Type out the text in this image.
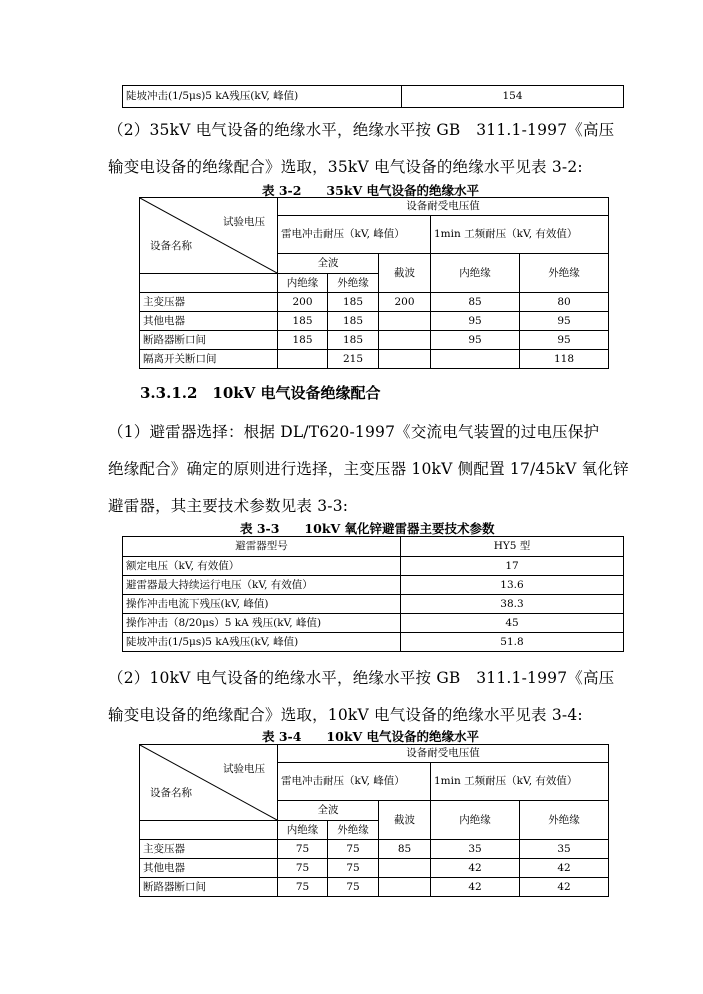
陡坡冲击(1/5μs)5 kA残压(kV, 峰值)	154
（2）35kV 电气设备的绝缘水平，绝缘水平按 GB　311.1-1997《高压
输变电设备的绝缘配合》选取，35kV 电气设备的绝缘水平见表 3-2:
表 3-2　　35kV 电气设备的绝缘水平
试验电压
设备名称	设备耐受电压值				
	雷电冲击耐压（kV, 峰值）			1min 工频耐压（kV, 有效值）	
	全波		截波	内绝缘	外绝缘
	内绝缘	外绝缘			
主变压器	200	185	200	85	80
其他电器	185	185		95	95
断路器断口间	185	185		95	95
隔离开关断口间		215			118
3.3.1.2　10kV 电气设备绝缘配合
（1）避雷器选择：根据 DL/T620-1997《交流电气装置的过电压保护
绝缘配合》确定的原则进行选择，主变压器 10kV 侧配置 17/45kV 氧化锌
避雷器，其主要技术参数见表 3-3:
表 3-3　　10kV 氧化锌避雷器主要技术参数
避雷器型号	HY5 型
额定电压（kV, 有效值）	17
避雷器最大持续运行电压（kV, 有效值）	13.6
操作冲击电流下残压(kV, 峰值)	38.3
操作冲击（8/20μs）5 kA 残压(kV, 峰值)	45
陡坡冲击(1/5μs)5 kA残压(kV, 峰值)	51.8
（2）10kV 电气设备的绝缘水平，绝缘水平按 GB　311.1-1997《高压
输变电设备的绝缘配合》选取，10kV 电气设备的绝缘水平见表 3-4:
表 3-4　　10kV 电气设备的绝缘水平
试验电压
设备名称	设备耐受电压值				
	雷电冲击耐压（kV, 峰值）			1min 工频耐压（kV, 有效值）	
	全波		截波	内绝缘	外绝缘
	内绝缘	外绝缘			
主变压器	75	75	85	35	35
其他电器	75	75		42	42
断路器断口间	75	75		42	42
